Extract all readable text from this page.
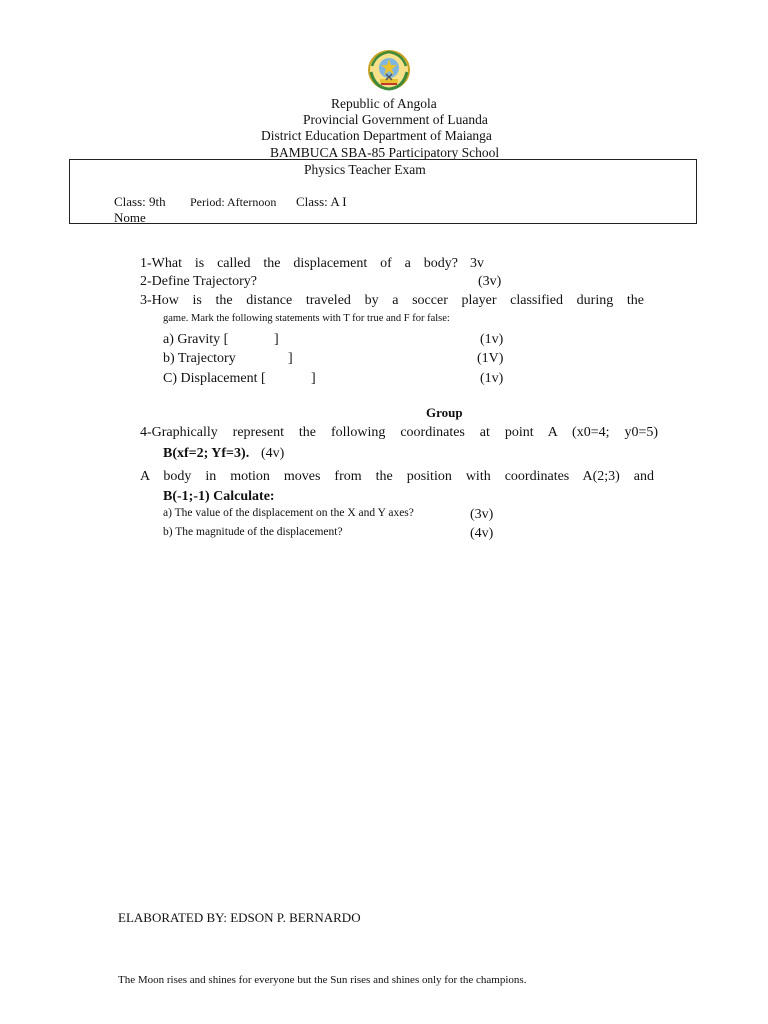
Republic of Angola
Provincial Government of Luanda
District Education Department of Maianga
BAMBUCA SBA-85 Participatory School
Physics Teacher Exam
Class: 9th Period: Afternoon Class: A I
Nome
1-What is called the displacement of a body? 3v
2-Define Trajectory?	(3v)
3-How is the distance traveled by a soccer player classified during the
game. Mark the following statements with T for true and F for false:
a) Gravity [	]	(1v)
b) Trajectory	]	(1V)
C) Displacement [	]	(1v)
Group
4-Graphically represent the following coordinates at point A (x0=4; y0=5)
B(xf=2; Yf=3). (4v)
A body in motion moves from the position with coordinates A(2;3) and
B(-1;-1) Calculate:
a) The value of the displacement on the X and Y axes?	(3v)
b) The magnitude of the displacement?	(4v)
ELABORATED BY: EDSON P. BERNARDO
The Moon rises and shines for everyone but the Sun rises and shines only for the champions.
